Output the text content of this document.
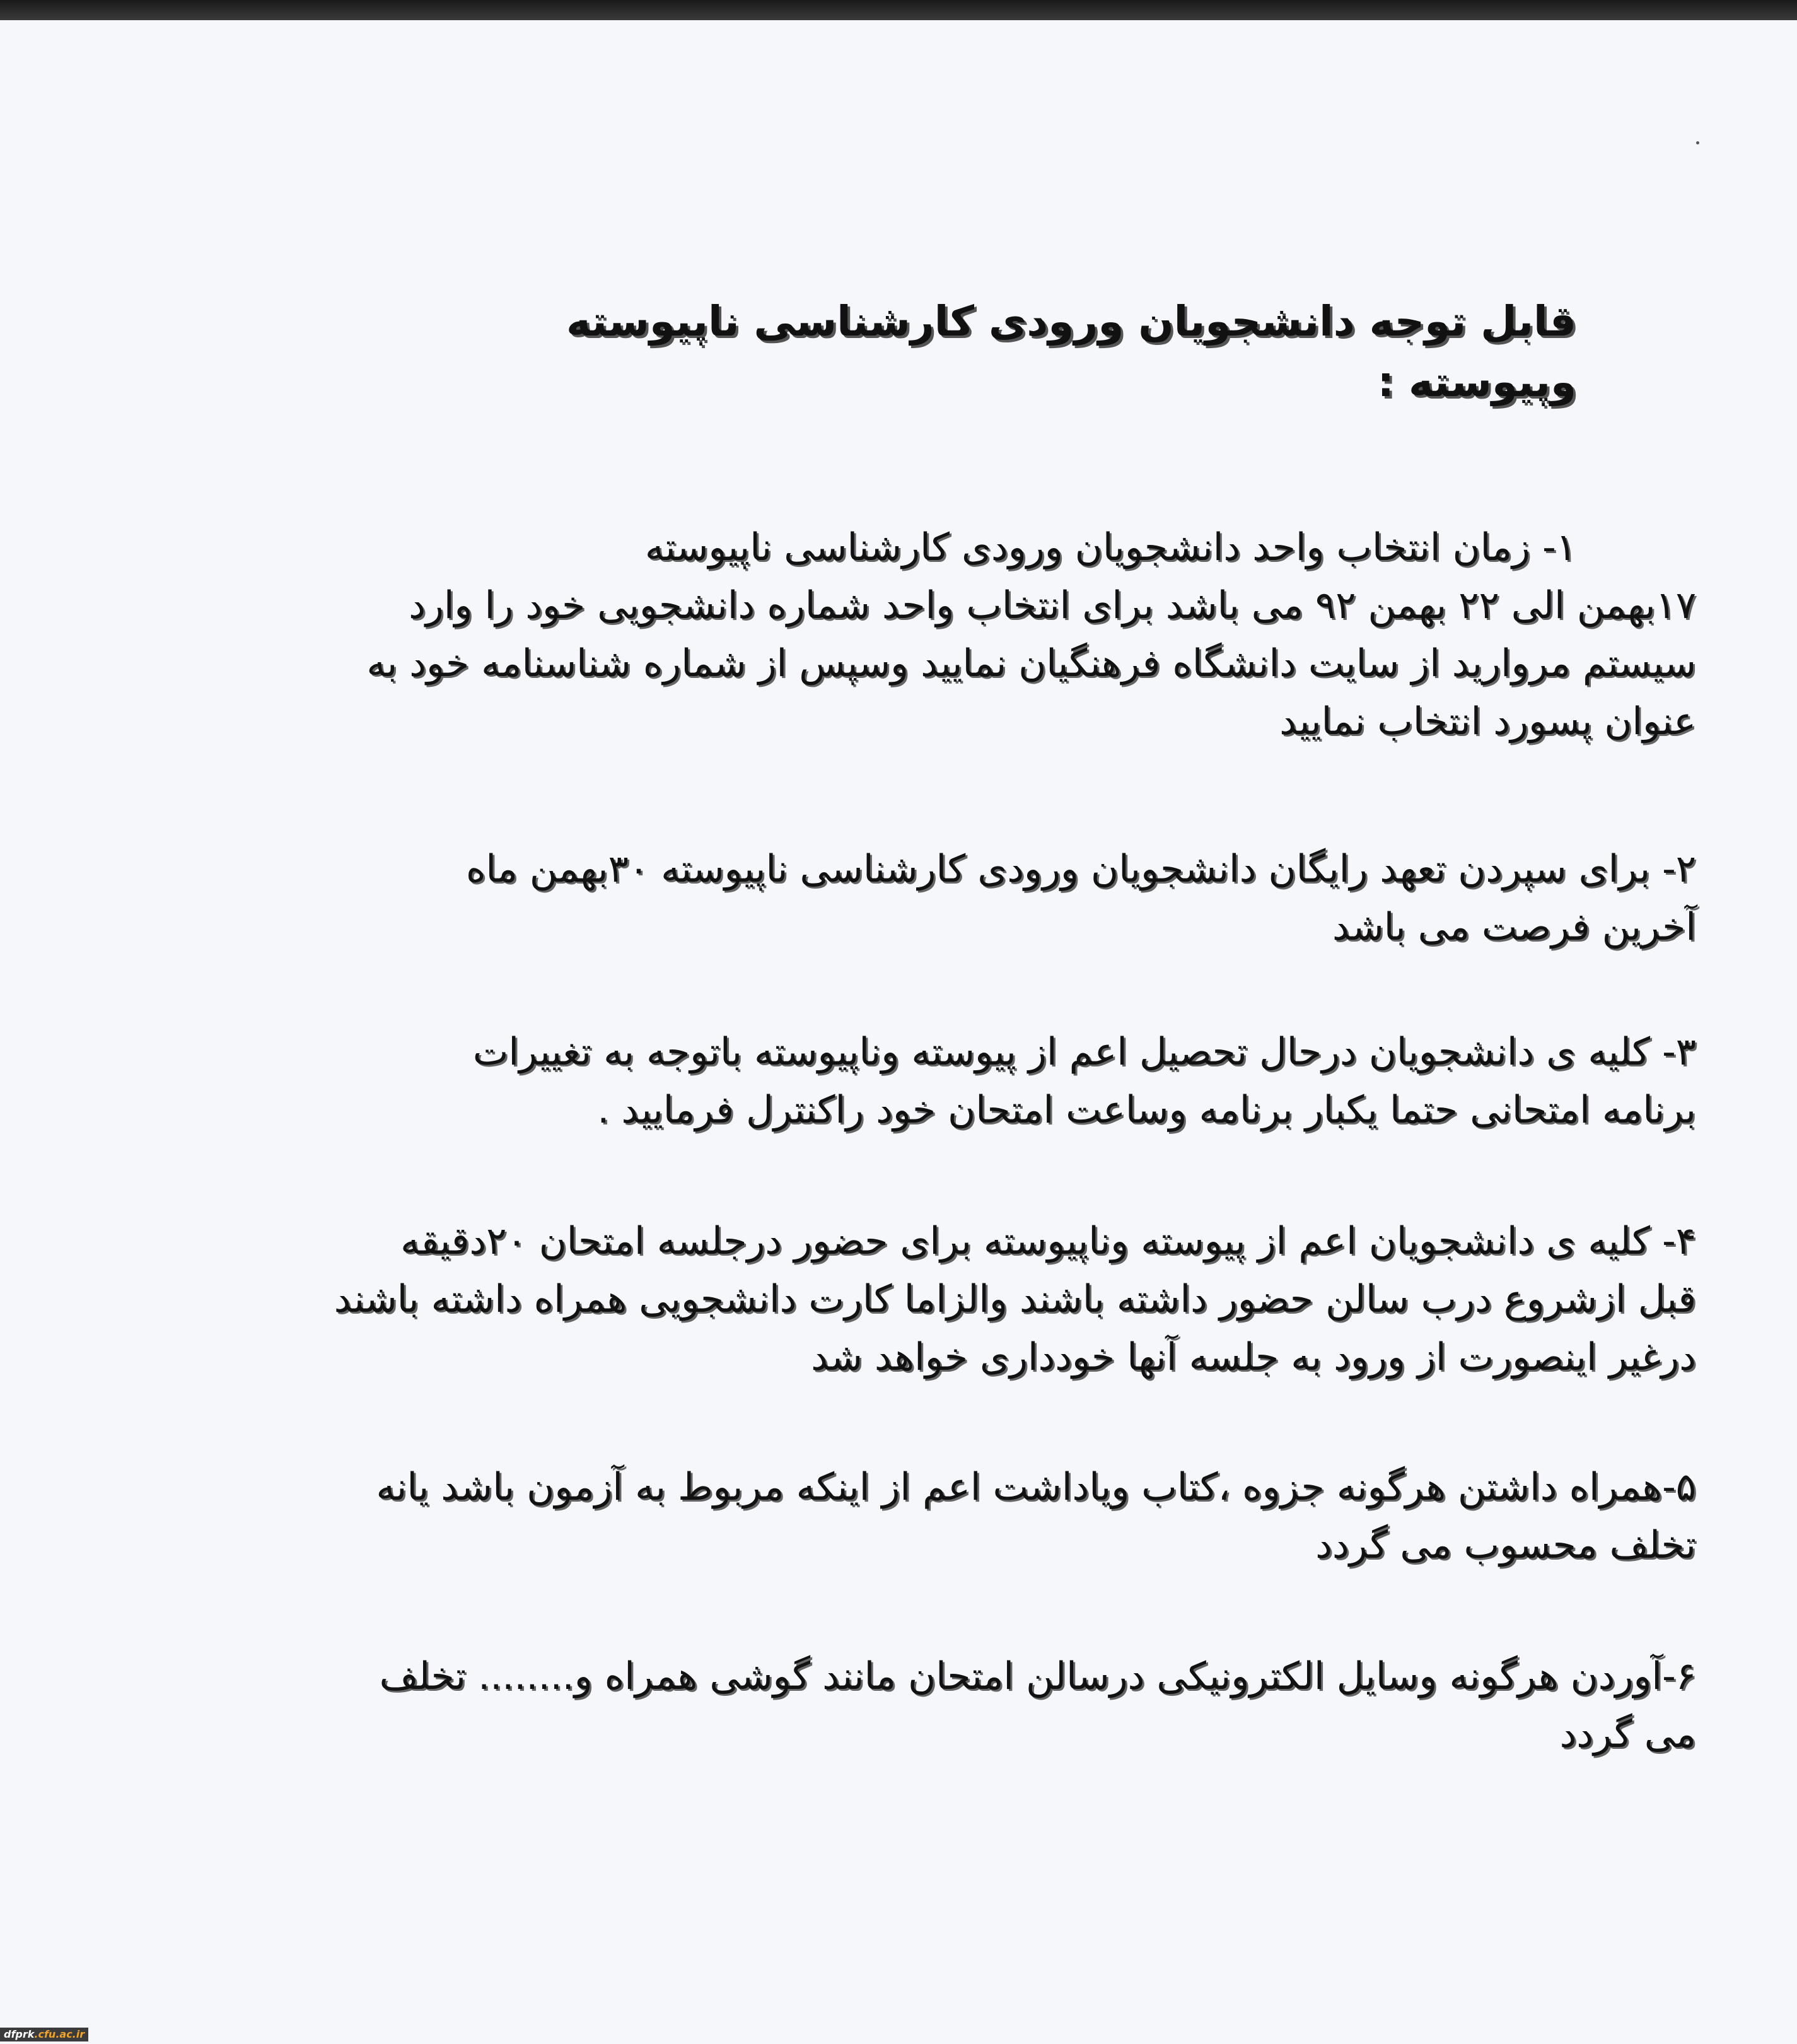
قابل توجه دانشجویان ورودی کارشناسی ناپیوسته وپیوسته :

۱- زمان انتخاب واحد دانشجویان ورودی کارشناسی ناپیوسته

۱۷بهمن الی ۲۲ بهمن ۹۲ می باشد برای انتخاب واحد شماره دانشجویی خود را وارد

سیستم مروارید از سایت دانشگاه فرهنگیان نمایید وسپس از شماره شناسنامه خود به

عنوان پسورد انتخاب نمایید

۲- برای سپردن تعهد رایگان دانشجویان ورودی کارشناسی ناپیوسته ۳۰بهمن ماه

آخرین فرصت می باشد

۳- کلیه ی دانشجویان درحال تحصیل اعم از پیوسته وناپیوسته باتوجه به تغییرات

برنامه امتحانی حتما یکبار برنامه وساعت امتحان خود راکنترل فرمایید .

۴- کلیه ی دانشجویان اعم از پیوسته وناپیوسته برای حضور درجلسه امتحان ۲۰دقیقه

قبل ازشروع درب سالن حضور داشته باشند والزاما کارت دانشجویی همراه داشته باشند

درغیر اینصورت از ورود به جلسه آنها خودداری خواهد شد

۵-همراه داشتن هرگونه جزوه ،کتاب ویاداشت اعم از اینکه مربوط به آزمون باشد یانه

تخلف محسوب می گردد

۶-آوردن هرگونه وسایل الکترونیکی درسالن امتحان مانند گوشی همراه و........ تخلف

می گردد

dfprk.cfu.ac.ir
